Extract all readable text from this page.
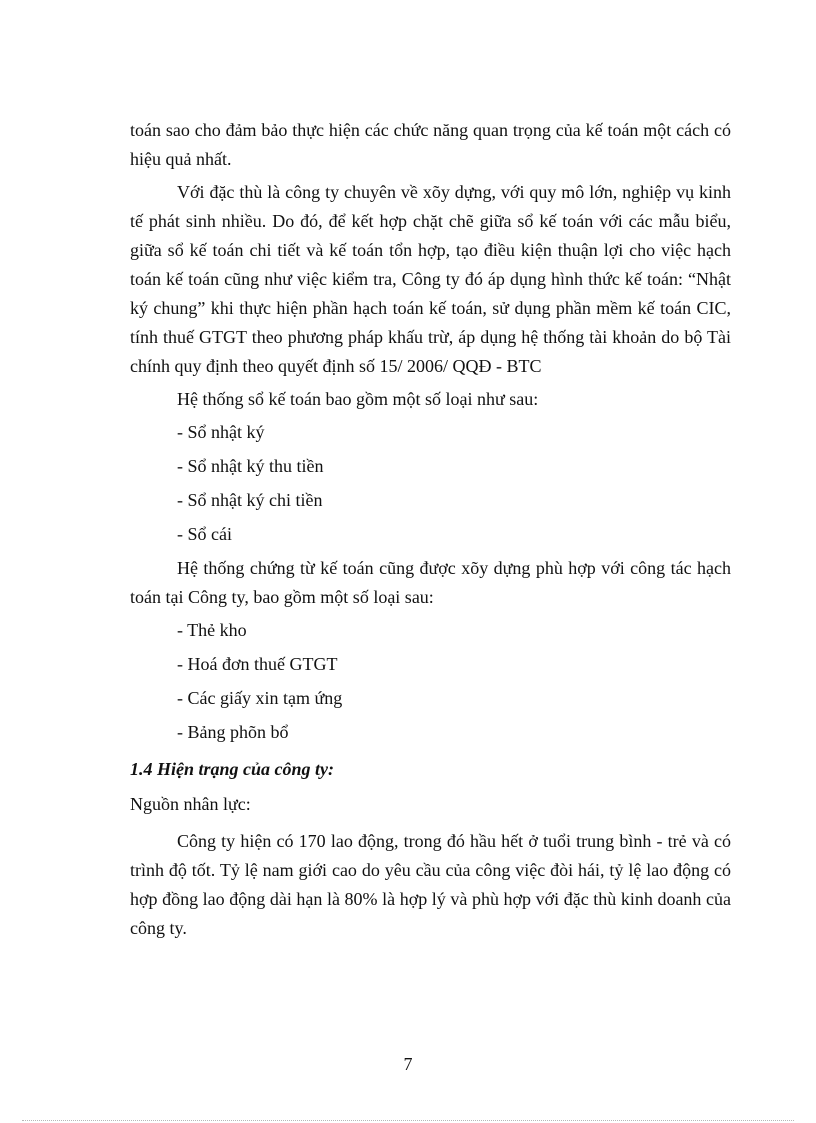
toán sao cho đảm bảo thực hiện các chức năng quan trọng của kế toán một cách có hiệu quả nhất.

Với đặc thù là công ty chuyên về xõy dựng, với quy mô lớn, nghiệp vụ kinh tế phát sinh nhiều. Do đó, để kết hợp chặt chẽ giữa sổ kế toán với các mẫu biểu, giữa sổ kế toán chi tiết và kế toán tổn hợp, tạo điều kiện thuận lợi cho việc hạch toán kế toán cũng như việc kiểm tra, Công ty đó áp dụng hình thức kế toán: “Nhật ký chung” khi thực hiện phần hạch toán kế toán, sử dụng phần mềm kế toán CIC, tính thuế GTGT theo phương pháp khấu trừ, áp dụng hệ thống tài khoản do bộ Tài chính quy định theo quyết định số 15/ 2006/ QQĐ - BTC

Hệ thống sổ kế toán bao gồm một số loại như sau:

- Sổ nhật ký
- Sổ nhật ký thu tiền
- Sổ nhật ký chi tiền
- Sổ cái

Hệ thống chứng từ kế toán cũng được xõy dựng phù hợp với công tác hạch toán tại Công ty, bao gồm một số loại sau:

- Thẻ kho
- Hoá đơn thuế GTGT
- Các giấy xin tạm ứng
- Bảng phõn bổ
1.4 Hiện trạng của công ty:

Nguồn nhân lực:

Công ty hiện có 170 lao động, trong đó hầu hết ở tuổi trung bình - trẻ và có trình độ tốt. Tỷ lệ nam giới cao do yêu cầu của công việc đòi hái, tỷ lệ lao động có hợp đồng lao động dài hạn là 80% là hợp lý và phù hợp với đặc thù kinh doanh của công ty.

7
